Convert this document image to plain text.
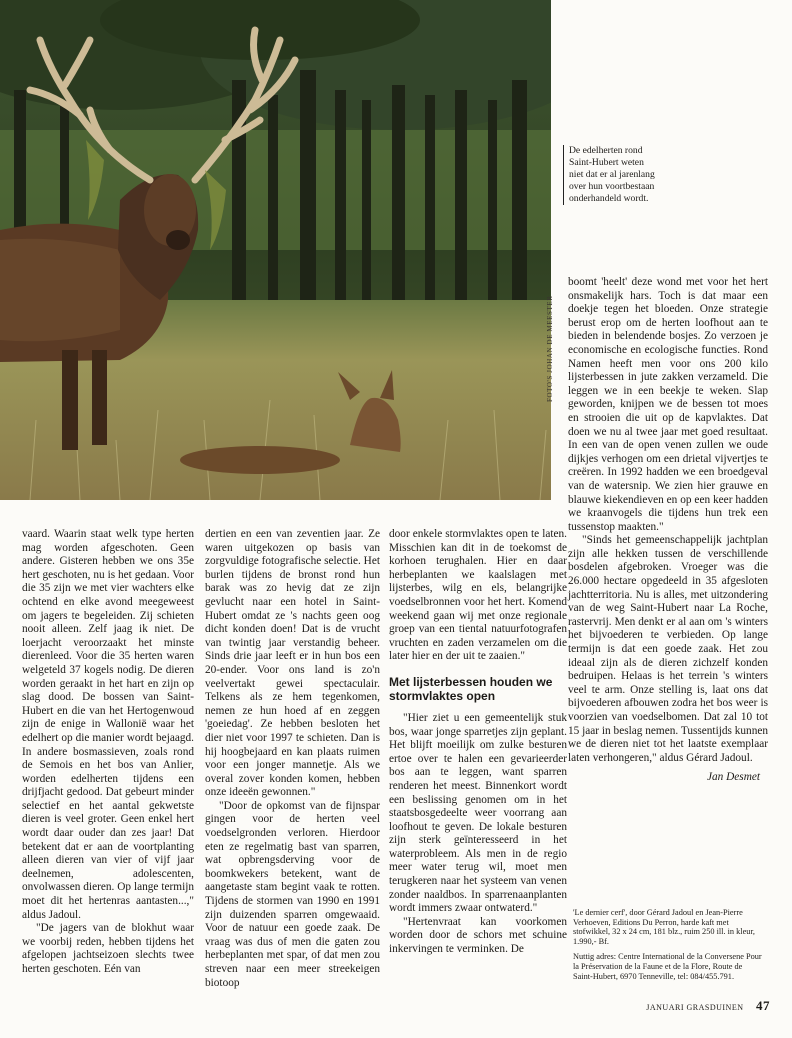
FOTO'S JOHAN DE MEESTER
De edelherten rond Saint-Hubert weten niet dat er al jarenlang over hun voortbestaan onderhandeld wordt.

vaard. Waarin staat welk type herten mag worden afgeschoten. Geen andere. Gisteren hebben we ons 35e hert geschoten, nu is het gedaan. Voor die 35 zijn we met vier wachters elke ochtend en elke avond meegeweest om jagers te begeleiden. Zij schieten nooit alleen. Zelf jaag ik niet. De loerjacht veroorzaakt het minste dierenleed. Voor die 35 herten waren welgeteld 37 kogels nodig. De dieren worden geraakt in het hart en zijn op slag dood. De bossen van Saint-Hubert en die van het Hertogenwoud zijn de enige in Wallonië waar het edelhert op die manier wordt bejaagd. In andere bosmassieven, zoals rond de Semois en het bos van Anlier, worden edelherten tijdens een drijfjacht gedood. Dat gebeurt minder selectief en het aantal gekwetste dieren is veel groter. Geen enkel hert wordt daar ouder dan zes jaar! Dat betekent dat er aan de voortplanting alleen dieren van vier of vijf jaar deelnemen, adolescenten, onvolwassen dieren. Op lange termijn moet dit het hertenras aantasten...," aldus Jadoul.

"De jagers van de blokhut waar we voorbij reden, hebben tijdens het afgelopen jachtseizoen slechts twee herten geschoten. Eén van

dertien en een van zeventien jaar. Ze waren uitgekozen op basis van zorgvuldige fotografische selectie. Het burlen tijdens de bronst rond hun barak was zo hevig dat ze zijn gevlucht naar een hotel in Saint-Hubert omdat ze 's nachts geen oog dicht konden doen! Dat is de vrucht van twintig jaar verstandig beheer. Sinds drie jaar leeft er in hun bos een 20-ender. Voor ons land is zo'n veelvertakt gewei spectaculair. Telkens als ze hem tegenkomen, nemen ze hun hoed af en zeggen 'goeiedag'. Ze hebben besloten het dier niet voor 1997 te schieten. Dan is hij hoogbejaard en kan plaats ruimen voor een jonger mannetje. Als we overal zover konden komen, hebben onze ideeën gewonnen."

"Door de opkomst van de fijnspar gingen voor de herten veel voedselgronden verloren. Hierdoor eten ze regelmatig bast van sparren, wat opbrengsderving voor de boomkwekers betekent, want de aangetaste stam begint vaak te rotten. Tijdens de stormen van 1990 en 1991 zijn duizenden sparren omgewaaid. Voor de natuur een goede zaak. De vraag was dus of men die gaten zou herbeplanten met spar, of dat men zou streven naar een meer streekeigen biotoop

door enkele stormvlaktes open te laten. Misschien kan dit in de toekomst de korhoen terughalen. Hier en daar herbeplanten we kaalslagen met lijsterbes, wilg en els, belangrijke voedselbronnen voor het hert. Komend weekend gaan wij met onze regionale groep van een tiental natuurfotografen vruchten en zaden verzamelen om die later hier en der uit te zaaien."

Met lijsterbessen houden we stormvlaktes open

"Hier ziet u een gemeentelijk stuk bos, waar jonge sparretjes zijn geplant. Het blijft moeilijk om zulke besturen ertoe over te halen een gevarieerder bos aan te leggen, want sparren renderen het meest. Binnenkort wordt een beslissing genomen om in het staatsbosgedeelte weer voorrang aan loofhout te geven. De lokale besturen zijn sterk geïnteresseerd in het waterprobleem. Als men in de regio meer water terug wil, moet men terugkeren naar het systeem van venen zonder naaldbos. In sparrenaanplanten wordt immers zwaar ontwaterd."

"Hertenvraat kan voorkomen worden door de schors met schuine inkervingen te verminken. De

boomt 'heelt' deze wond met voor het hert onsmakelijk hars. Toch is dat maar een doekje tegen het bloeden. Onze strategie berust erop om de herten loofhout aan te bieden in belendende bosjes. Zo verzoen je economische en ecologische functies. Rond Namen heeft men voor ons 200 kilo lijsterbessen in jute zakken verzameld. Die leggen we in een beekje te weken. Slap geworden, knijpen we de bessen tot moes en strooien die uit op de kapvlaktes. Dat doen we nu al twee jaar met goed resultaat. In een van de open venen zullen we oude dijkjes verhogen om een drietal vijvertjes te creëren. In 1992 hadden we een broedgeval van de watersnip. We zien hier grauwe en blauwe kiekendieven en op een keer hadden we kraanvogels die tijdens hun trek een tussenstop maakten."

"Sinds het gemeenschappelijk jachtplan zijn alle hekken tussen de verschillende bosdelen afgebroken. Vroeger was die 26.000 hectare opgedeeld in 35 afgesloten jachtterritoria. Nu is alles, met uitzondering van de weg Saint-Hubert naar La Roche, rastervrij. Men denkt er al aan om 's winters het bijvoederen te verbieden. Op lange termijn is dat een goede zaak. Het zou ideaal zijn als de dieren zichzelf konden bedruipen. Helaas is het terrein 's winters veel te arm. Onze stelling is, laat ons dat bijvoederen afbouwen zodra het bos weer is voorzien van voedselbomen. Dat zal 10 tot 15 jaar in beslag nemen. Tussentijds kunnen we de dieren niet tot het laatste exemplaar laten verhongeren," aldus Gérard Jadoul.

Jan Desmet

'Le dernier cerf', door Gérard Jadoul en Jean-Pierre Verhoeven, Editions Du Perron, harde kaft met stofwikkel, 32 x 24 cm, 181 blz., ruim 250 ill. in kleur, 1.990,- Bf.

Nuttig adres: Centre International de la Conversene Pour la Préservation de la Faune et de la Flore, Route de Saint-Hubert, 6970 Tenneville, tel: 084/455.791.

JANUARI GRASDUINEN 47
